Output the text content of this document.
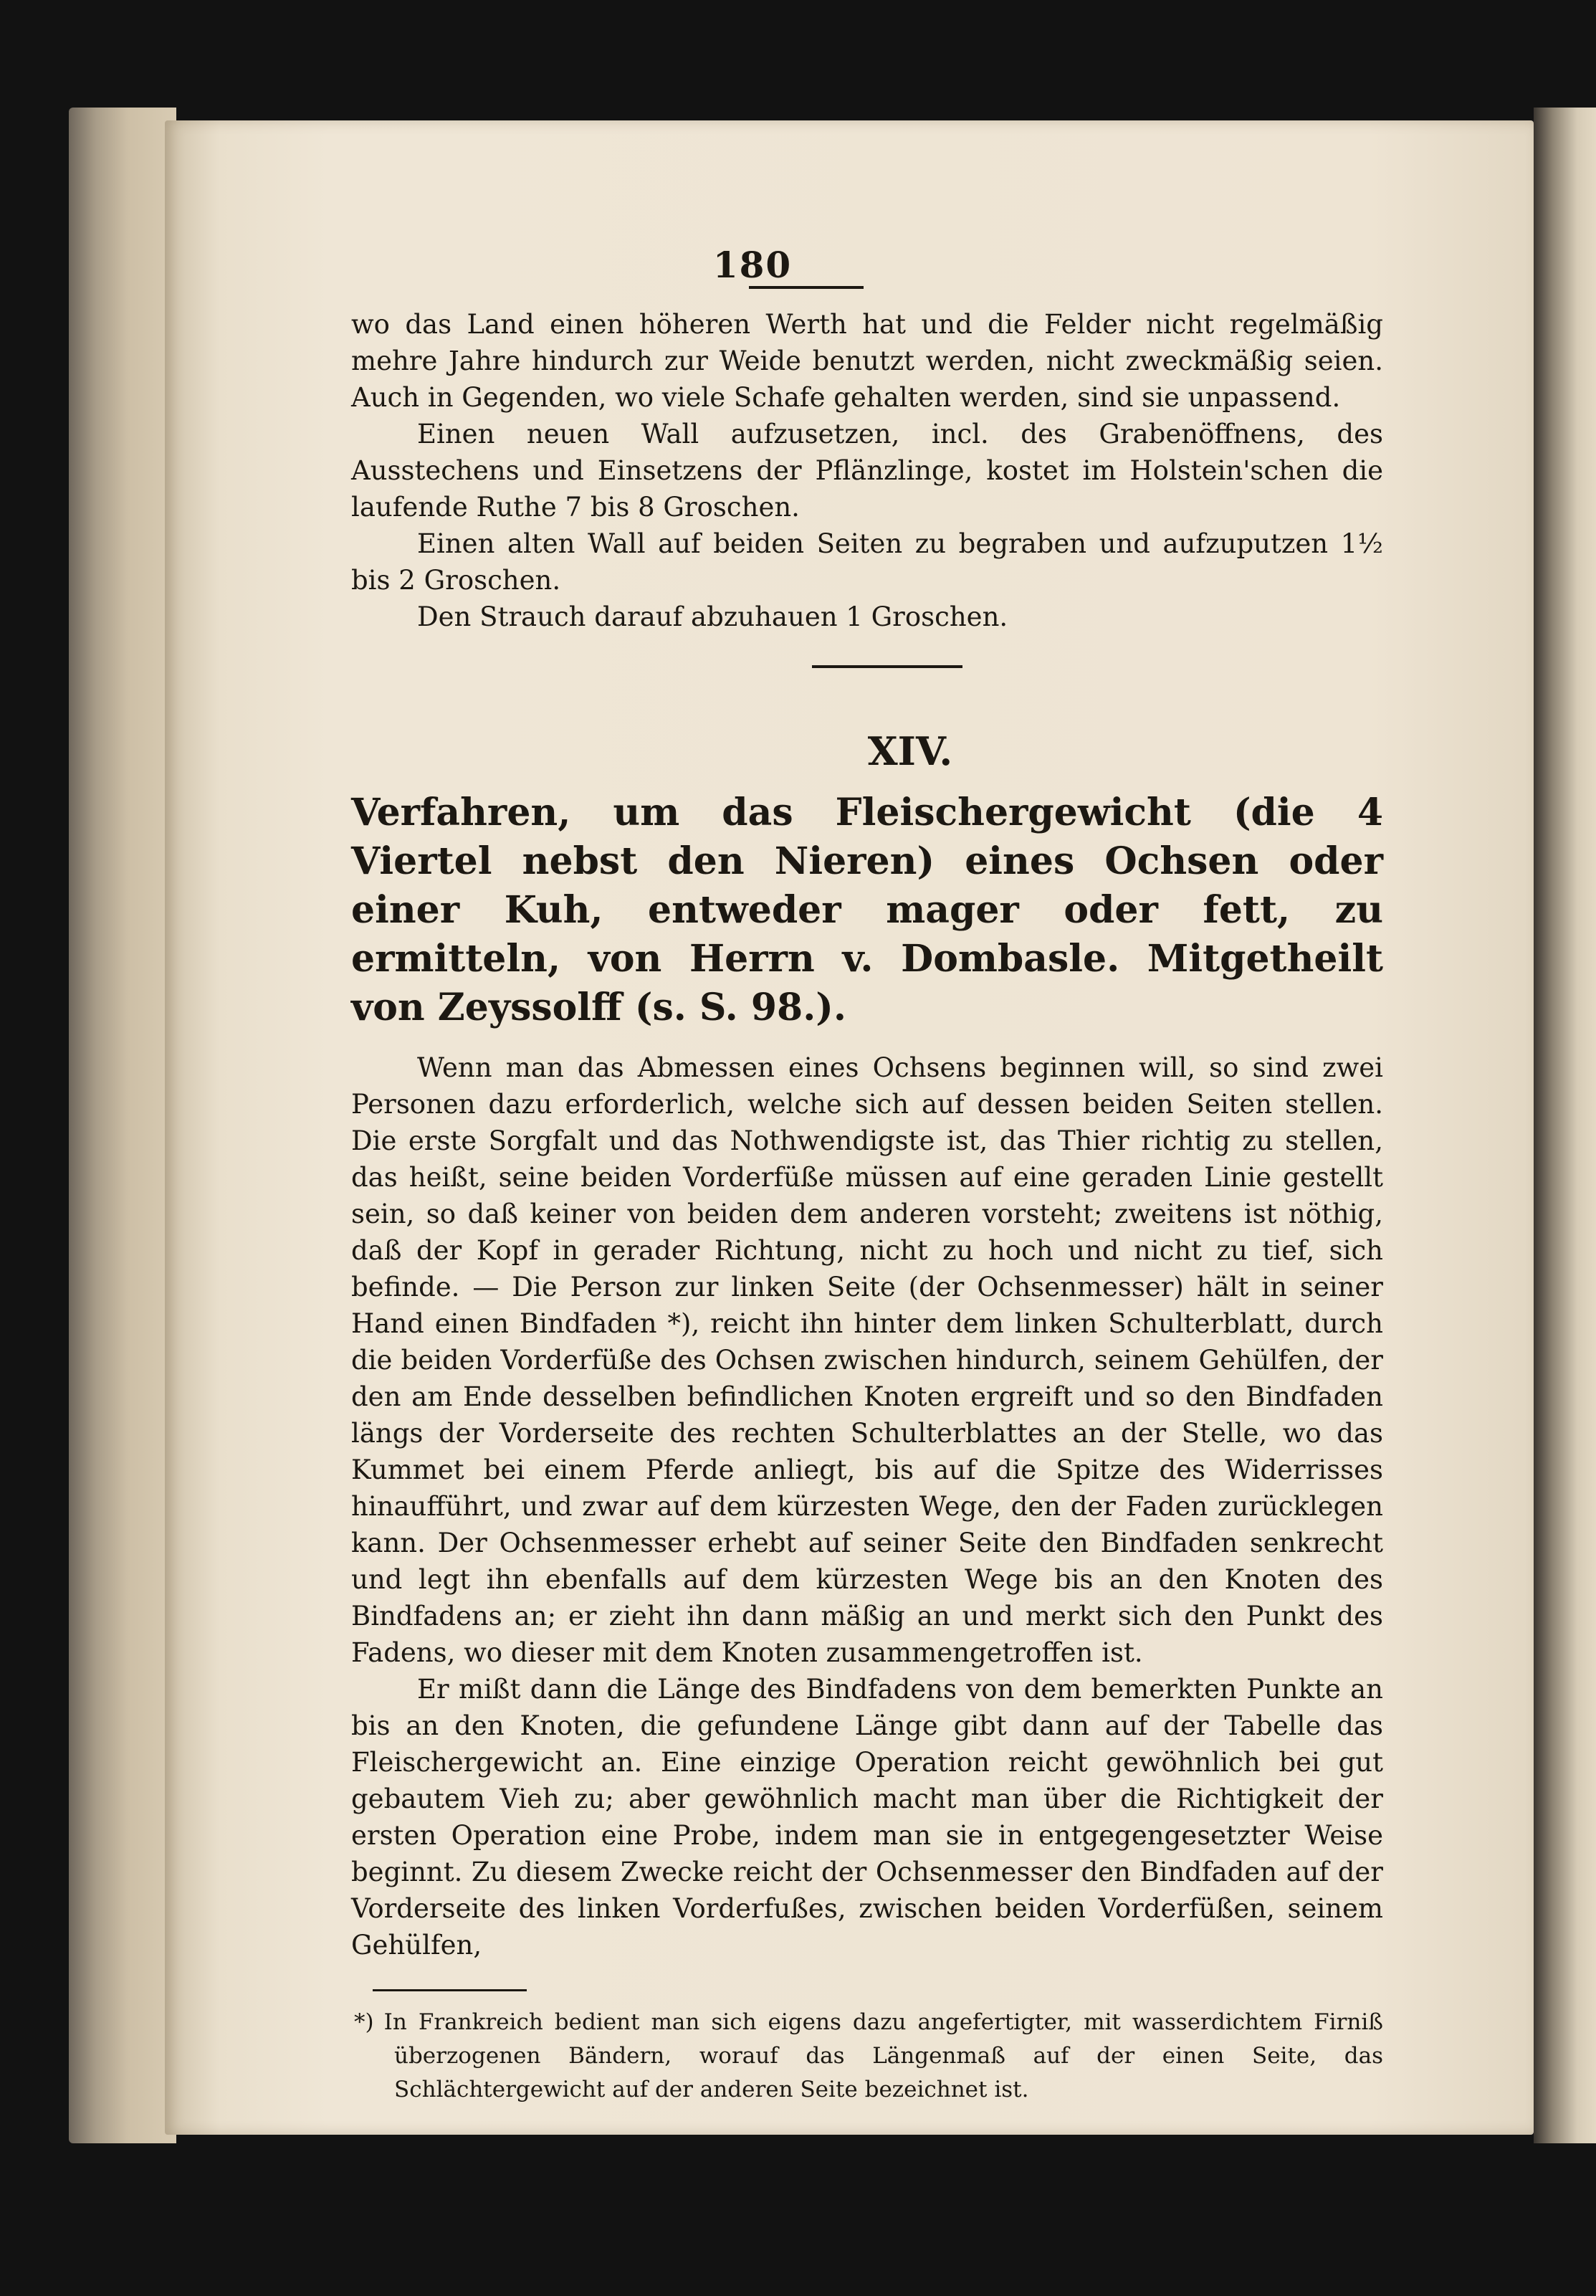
180

wo das Land einen höheren Werth hat und die Felder nicht regelmäßig mehre Jahre hindurch zur Weide benutzt werden, nicht zweckmäßig seien. Auch in Gegenden, wo viele Schafe gehalten werden, sind sie unpassend.

Einen neuen Wall aufzusetzen, incl. des Grabenöffnens, des Ausstechens und Einsetzens der Pflänzlinge, kostet im Holstein'schen die laufende Ruthe 7 bis 8 Groschen.

Einen alten Wall auf beiden Seiten zu begraben und aufzuputzen 1½ bis 2 Groschen.

Den Strauch darauf abzuhauen 1 Groschen.

XIV.

Verfahren, um das Fleischergewicht (die 4 Viertel nebst den Nieren) eines Ochsen oder einer Kuh, entweder mager oder fett, zu ermitteln, von Herrn v. Dombasle. Mitgetheilt von Zeyssolff (s. S. 98.).

Wenn man das Abmessen eines Ochsens beginnen will, so sind zwei Personen dazu erforderlich, welche sich auf dessen beiden Seiten stellen. Die erste Sorgfalt und das Nothwendigste ist, das Thier richtig zu stellen, das heißt, seine beiden Vorderfüße müssen auf eine geraden Linie gestellt sein, so daß keiner von beiden dem anderen vorsteht; zweitens ist nöthig, daß der Kopf in gerader Richtung, nicht zu hoch und nicht zu tief, sich befinde. — Die Person zur linken Seite (der Ochsenmesser) hält in seiner Hand einen Bindfaden *), reicht ihn hinter dem linken Schulterblatt, durch die beiden Vorderfüße des Ochsen zwischen hindurch, seinem Gehülfen, der den am Ende desselben befindlichen Knoten ergreift und so den Bindfaden längs der Vorderseite des rechten Schulterblattes an der Stelle, wo das Kummet bei einem Pferde anliegt, bis auf die Spitze des Widerrisses hinaufführt, und zwar auf dem kürzesten Wege, den der Faden zurücklegen kann. Der Ochsenmesser erhebt auf seiner Seite den Bindfaden senkrecht und legt ihn ebenfalls auf dem kürzesten Wege bis an den Knoten des Bindfadens an; er zieht ihn dann mäßig an und merkt sich den Punkt des Fadens, wo dieser mit dem Knoten zusammengetroffen ist.

Er mißt dann die Länge des Bindfadens von dem bemerkten Punkte an bis an den Knoten, die gefundene Länge gibt dann auf der Tabelle das Fleischergewicht an. Eine einzige Operation reicht gewöhnlich bei gut gebautem Vieh zu; aber gewöhnlich macht man über die Richtigkeit der ersten Operation eine Probe, indem man sie in entgegengesetzter Weise beginnt. Zu diesem Zwecke reicht der Ochsenmesser den Bindfaden auf der Vorderseite des linken Vorderfußes, zwischen beiden Vorderfüßen, seinem Gehülfen,

*) In Frankreich bedient man sich eigens dazu angefertigter, mit wasserdichtem Firniß überzogenen Bändern, worauf das Längenmaß auf der einen Seite, das Schlächtergewicht auf der anderen Seite bezeichnet ist.
